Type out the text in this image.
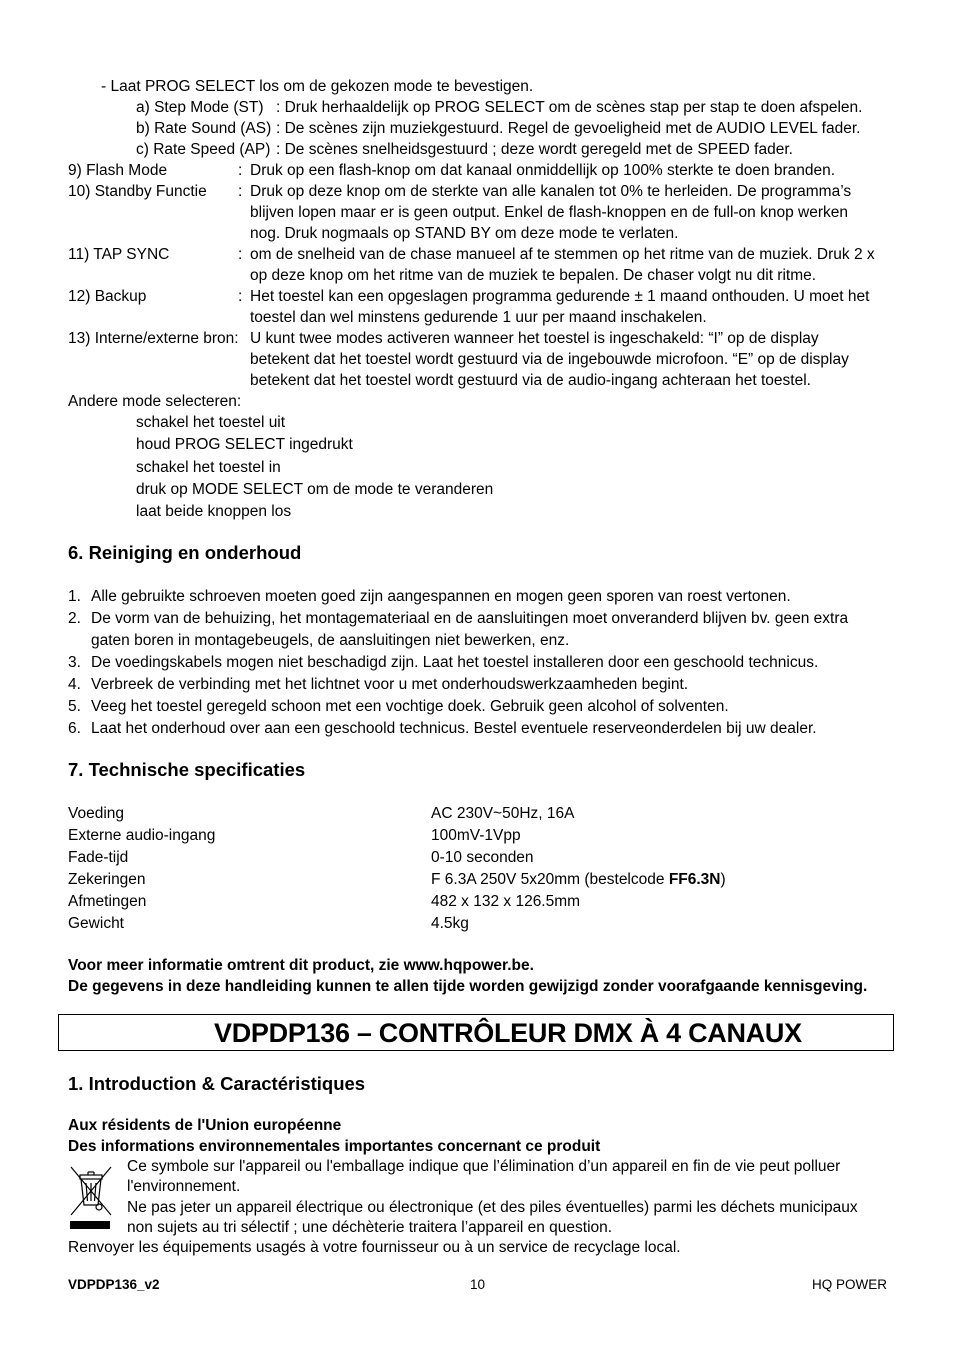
- Laat PROG SELECT los om de gekozen mode te bevestigen.
a) Step Mode (ST) : Druk herhaaldelijk op PROG SELECT om de scènes stap per stap te doen afspelen.
b) Rate Sound (AS) : De scènes zijn muziekgestuurd. Regel de gevoeligheid met de AUDIO LEVEL fader.
c) Rate Speed (AP) : De scènes snelheidsgestuurd ; deze wordt geregeld met de SPEED fader.
9) Flash Mode	: Druk op een flash-knop om dat kanaal onmiddellijk op 100% sterkte te doen branden.
10) Standby Functie : Druk op deze knop om de sterkte van alle kanalen tot 0% te herleiden. De programma’s
blijven lopen maar er is geen output. Enkel de flash-knoppen en de full-on knop werken
nog. Druk nogmaals op STAND BY om deze mode te verlaten.
11) TAP SYNC	: om de snelheid van de chase manueel af te stemmen op het ritme van de muziek. Druk 2 x
op deze knop om het ritme van de muziek te bepalen. De chaser volgt nu dit ritme.
12) Backup	: Het toestel kan een opgeslagen programma gedurende ± 1 maand onthouden. U moet het
toestel dan wel minstens gedurende 1 uur per maand inschakelen.
13) Interne/externe bron: U kunt twee modes activeren wanneer het toestel is ingeschakeld: “I” op de display
betekent dat het toestel wordt gestuurd via de ingebouwde microfoon. “E” op de display
betekent dat het toestel wordt gestuurd via de audio-ingang achteraan het toestel.
Andere mode selecteren:
schakel het toestel uit
houd PROG SELECT ingedrukt
schakel het toestel in
druk op MODE SELECT om de mode te veranderen
laat beide knoppen los
6. Reiniging en onderhoud
1. Alle gebruikte schroeven moeten goed zijn aangespannen en mogen geen sporen van roest vertonen.
2. De vorm van de behuizing, het montagemateriaal en de aansluitingen moet onveranderd blijven bv. geen extra
gaten boren in montagebeugels, de aansluitingen niet bewerken, enz.
3. De voedingskabels mogen niet beschadigd zijn. Laat het toestel installeren door een geschoold technicus.
4. Verbreek de verbinding met het lichtnet voor u met onderhoudswerkzaamheden begint.
5. Veeg het toestel geregeld schoon met een vochtige doek. Gebruik geen alcohol of solventen.
6. Laat het onderhoud over aan een geschoold technicus. Bestel eventuele reserveonderdelen bij uw dealer.
7. Technische specificaties
Voeding	AC 230V~50Hz, 16A
Externe audio-ingang	100mV-1Vpp
Fade-tijd	0-10 seconden
Zekeringen	F 6.3A 250V 5x20mm (bestelcode FF6.3N)
Afmetingen	482 x 132 x 126.5mm
Gewicht	4.5kg
Voor meer informatie omtrent dit product, zie www.hqpower.be.
De gegevens in deze handleiding kunnen te allen tijde worden gewijzigd zonder voorafgaande kennisgeving.
VDPDP136 – CONTRÔLEUR DMX À 4 CANAUX
1. Introduction & Caractéristiques
Aux résidents de l'Union européenne
Des informations environnementales importantes concernant ce produit
Ce symbole sur l'appareil ou l'emballage indique que l’élimination d’un appareil en fin de vie peut polluer
l'environnement.
Ne pas jeter un appareil électrique ou électronique (et des piles éventuelles) parmi les déchets municipaux
non sujets au tri sélectif ; une déchèterie traitera l’appareil en question.
Renvoyer les équipements usagés à votre fournisseur ou à un service de recyclage local.
VDPDP136_v2	10	HQ POWER
